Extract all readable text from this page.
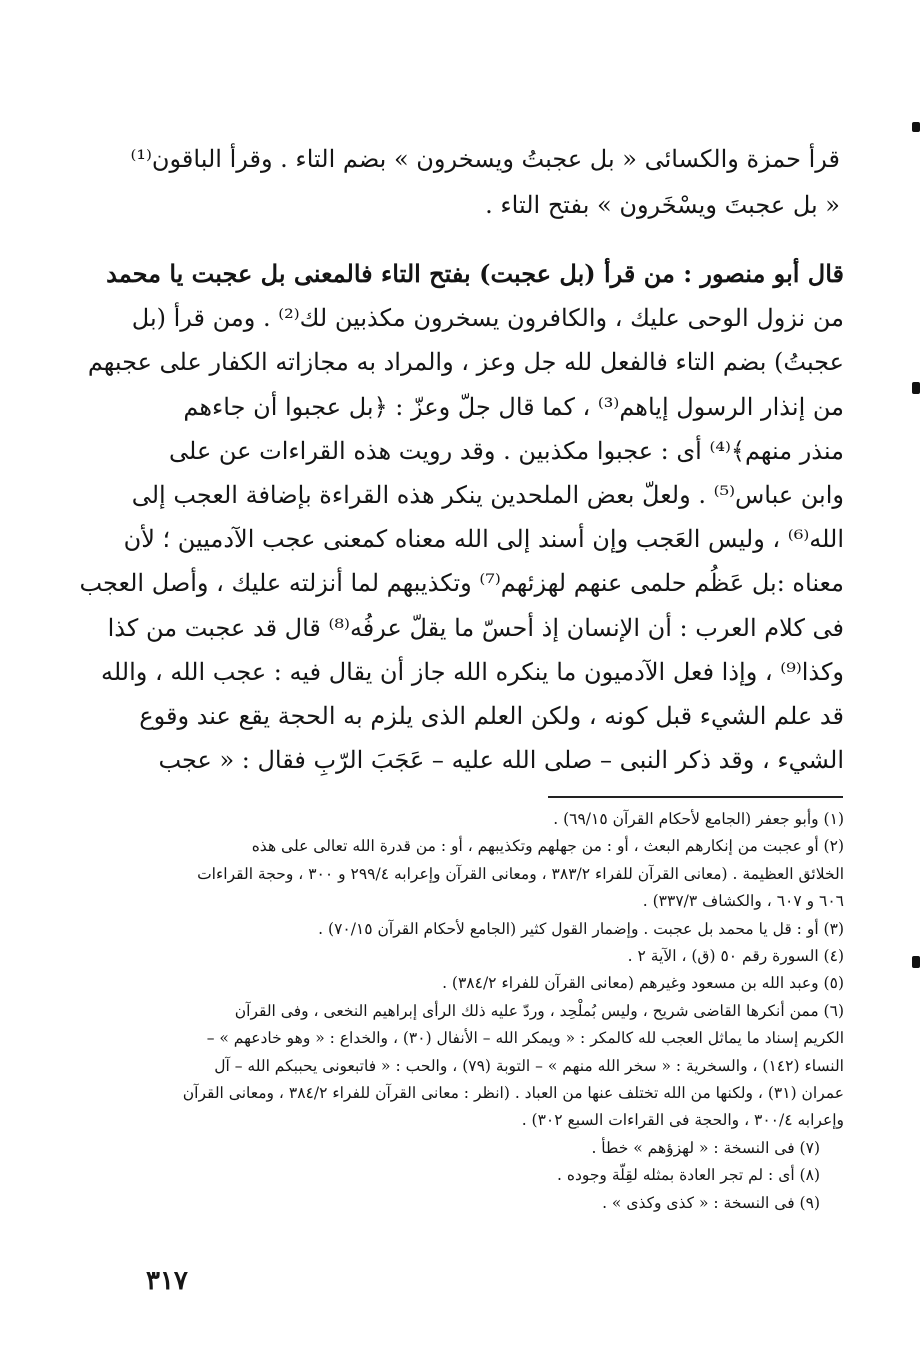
قرأ حمزة والكسائى « بل عجبتُ ويسخرون » بضم التاء . وقرأ الباقون⁽¹⁾
« بل عجبتَ ويسْخَرون » بفتح التاء .
قال أبو منصور : من قرأ (بل عجبت) بفتح التاء فالمعنى بل عجبت يا محمد
من نزول الوحى عليك ، والكافرون يسخرون مكذبين لك⁽²⁾ . ومن قرأ (بل
عجبتُ) بضم التاء فالفعل لله جل وعز ، والمراد به مجازاته الكفار على عجبهم
من إنذار الرسول إياهم⁽³⁾ ، كما قال جلّ وعزّ : ﴿بل عجبوا أن جاءهم
منذر منهم﴾⁽⁴⁾ أى : عجبوا مكذبين . وقد رويت هذه القراءات عن على
وابن عباس⁽⁵⁾ . ولعلّ بعض الملحدين ينكر هذه القراءة بإضافة العجب إلى
الله⁽⁶⁾ ، وليس العَجب وإن أسند إلى الله معناه كمعنى عجب الآدميين ؛ لأن
معناه :بل عَظُم حلمى عنهم لهزئهم⁽⁷⁾ وتكذيبهم لما أنزلته عليك ، وأصل العجب
فى كلام العرب : أن الإنسان إذ أحسّ ما يقلّ عرفُه⁽⁸⁾ قال قد عجبت من كذا
وكذا⁽⁹⁾ ، وإذا فعل الآدميون ما ينكره الله جاز أن يقال فيه : عجب الله ، والله
قد علم الشيء قبل كونه ، ولكن العلم الذى يلزم به الحجة يقع عند وقوع
الشيء ، وقد ذكر النبى – صلى الله عليه – عَجَبَ الرّبِ فقال : « عجب
(١) وأبو جعفر (الجامع لأحكام القرآن ٦٩/١٥) .
(٢) أو عجبت من إنكارهم البعث ، أو : من جهلهم وتكذيبهم ، أو : من قدرة الله تعالى على هذه
الخلائق العظيمة . (معانى القرآن للفراء ٣٨٣/٢ ، ومعانى القرآن وإعرابه ٢٩٩/٤ و ٣٠٠ ، وحجة القراءات
٦٠٦ و ٦٠٧ ، والكشاف ٣٣٧/٣) .
(٣) أو : قل يا محمد بل عجبت . وإضمار القول كثير (الجامع لأحكام القرآن ٧٠/١٥) .
(٤) السورة رقم ٥٠ (ق) ، الآية ٢ .
(٥) وعبد الله بن مسعود وغيرهم (معانى القرآن للفراء ٣٨٤/٢) .
(٦) ممن أنكرها القاضى شريح ، وليس بُملْحِد ، وردّ عليه ذلك الرأى إبراهيم النخعى ، وفى القرآن
الكريم إسناد ما يماثل العجب لله كالمكر : « ويمكر الله – الأنفال (٣٠) ، والخداع : « وهو خادعهم » –
النساء (١٤٢) ، والسخرية : « سخر الله منهم » – التوبة (٧٩) ، والحب : « فاتبعونى يحببكم الله – آل
عمران (٣١) ، ولكنها من الله تختلف عنها من العباد . (انظر : معانى القرآن للفراء ٣٨٤/٢ ، ومعانى القرآن
وإعرابه ٣٠٠/٤ ، والحجة فى القراءات السبع ٣٠٢) .
(٧) فى النسخة : « لهزؤهم » خطأ .
(٨) أى : لم تجر العادة بمثله لقِلّة وجوده .
(٩) فى النسخة : « كذى وكذى » .
٣١٧
